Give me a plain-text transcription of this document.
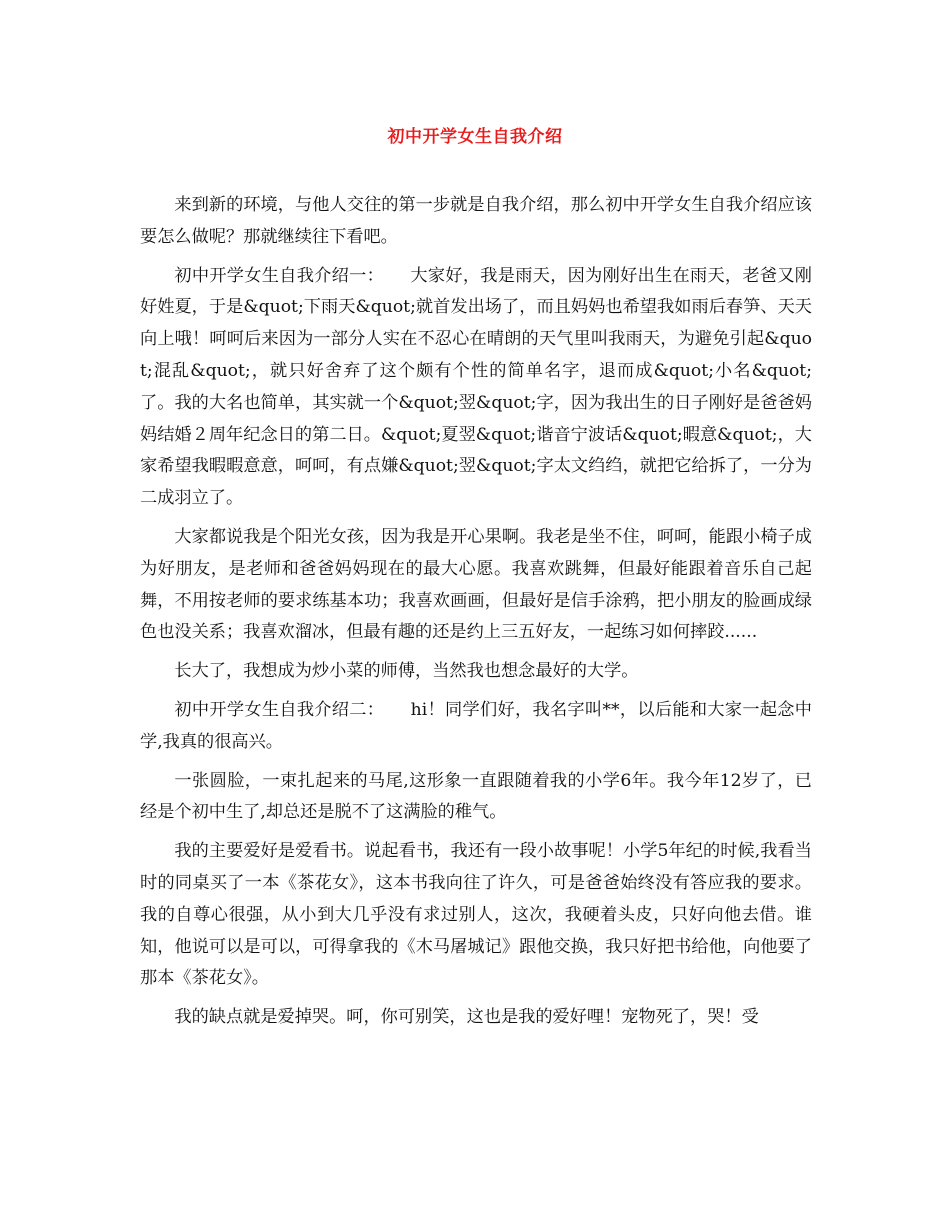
初中开学女生自我介绍

来到新的环境，与他人交往的第一步就是自我介绍，那么初中开学女生自我介绍应该要怎么做呢？那就继续往下看吧。

初中开学女生自我介绍一：　　大家好，我是雨天，因为刚好出生在雨天，老爸又刚好姓夏，于是&quot;下雨天&quot;就首发出场了，而且妈妈也希望我如雨后春笋、天天向上哦！呵呵后来因为一部分人实在不忍心在晴朗的天气里叫我雨天，为避免引起&quot;混乱&quot;，就只好舍弃了这个颇有个性的简单名字，退而成&quot;小名&quot;了。我的大名也简单，其实就一个&quot;翌&quot;字，因为我出生的日子刚好是爸爸妈妈结婚２周年纪念日的第二日。&quot;夏翌&quot;谐音宁波话&quot;暇意&quot;，大家希望我暇暇意意，呵呵，有点嫌&quot;翌&quot;字太文绉绉，就把它给拆了，一分为二成羽立了。

大家都说我是个阳光女孩，因为我是开心果啊。我老是坐不住，呵呵，能跟小椅子成为好朋友，是老师和爸爸妈妈现在的最大心愿。我喜欢跳舞，但最好能跟着音乐自己起舞，不用按老师的要求练基本功；我喜欢画画，但最好是信手涂鸦，把小朋友的脸画成绿色也没关系；我喜欢溜冰，但最有趣的还是约上三五好友，一起练习如何摔跤......

长大了，我想成为炒小菜的师傅，当然我也想念最好的大学。

初中开学女生自我介绍二：　　hi！同学们好，我名字叫**，以后能和大家一起念中学,我真的很高兴。

一张圆脸，一束扎起来的马尾,这形象一直跟随着我的小学6年。我今年12岁了，已经是个初中生了,却总还是脱不了这满脸的稚气。

我的主要爱好是爱看书。说起看书，我还有一段小故事呢！小学5年纪的时候,我看当时的同桌买了一本《茶花女》，这本书我向往了许久，可是爸爸始终没有答应我的要求。我的自尊心很强，从小到大几乎没有求过别人，这次，我硬着头皮，只好向他去借。谁知，他说可以是可以，可得拿我的《木马屠城记》跟他交换，我只好把书给他，向他要了那本《茶花女》。

我的缺点就是爱掉哭。呵，你可别笑，这也是我的爱好哩！宠物死了，哭！受
